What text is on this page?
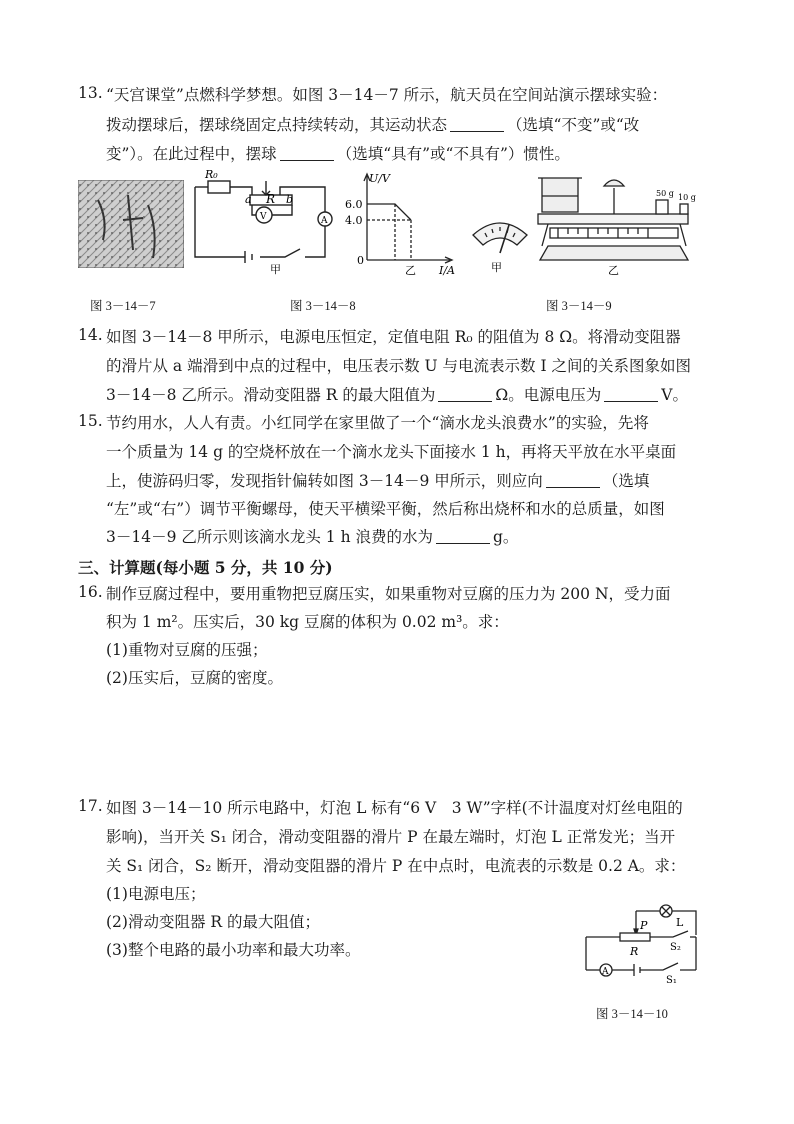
13. “天宫课堂”点燃科学梦想。如图 3－14－7 所示，航天员在空间站演示摆球实验：
拨动摆球后，摆球绕固定点持续转动，其运动状态	（选填“不变”或“改
变”）。在此过程中，摆球	（选填“具有”或“不具有”）惯性。
图 3－14－7
R₀
a R b
V	A
甲
U/V
6.0
4.0
0
乙 I/A
图 3－14－8
甲
50 g 10 g
乙
图 3－14－9
14. 如图 3－14－8 甲所示，电源电压恒定，定值电阻 R₀ 的阻值为 8 Ω。将滑动变阻器
的滑片从 a 端滑到中点的过程中，电压表示数 U 与电流表示数 I 之间的关系图象如图
3－14－8 乙所示。滑动变阻器 R 的最大阻值为	Ω。电源电压为	V。
15. 节约用水，人人有责。小红同学在家里做了一个“滴水龙头浪费水”的实验，先将
一个质量为 14 g 的空烧杯放在一个滴水龙头下面接水 1 h，再将天平放在水平桌面
上，使游码归零，发现指针偏转如图 3－14－9 甲所示，则应向	（选填
“左”或“右”）调节平衡螺母，使天平横梁平衡，然后称出烧杯和水的总质量，如图
3－14－9 乙所示则该滴水龙头 1 h 浪费的水为	g。
三、计算题(每小题 5 分，共 10 分)
16. 制作豆腐过程中，要用重物把豆腐压实，如果重物对豆腐的压力为 200 N，受力面
积为 1 m²。压实后，30 kg 豆腐的体积为 0.02 m³。求：
(1)重物对豆腐的压强；
(2)压实后，豆腐的密度。
17. 如图 3－14－10 所示电路中，灯泡 L 标有“6 V　3 W”字样(不计温度对灯丝电阻的
影响)，当开关 S₁ 闭合，滑动变阻器的滑片 P 在最左端时，灯泡 L 正常发光；当开
关 S₁ 闭合，S₂ 断开，滑动变阻器的滑片 P 在中点时，电流表的示数是 0.2 A。求：
(1)电源电压；
(2)滑动变阻器 R 的最大阻值；
(3)整个电路的最小功率和最大功率。
L
P
R	S₂
S₁
A
图 3－14－10
